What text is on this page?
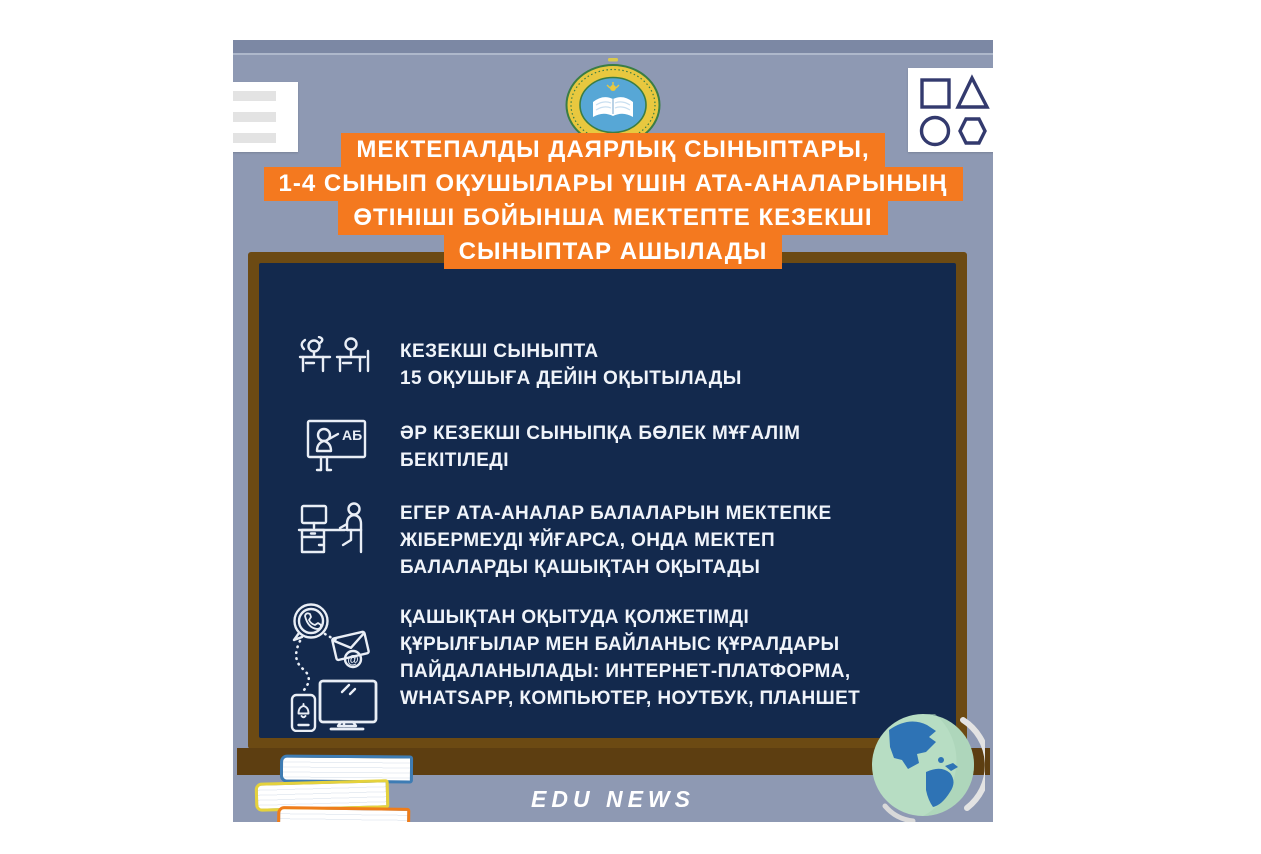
МЕКТЕПАЛДЫ ДАЯРЛЫҚ СЫНЫПТАРЫ,
1-4 СЫНЫП ОҚУШЫЛАРЫ ҮШІН АТА-АНАЛАРЫНЫҢ
ӨТІНІШІ БОЙЫНША МЕКТЕПТЕ КЕЗЕКШІ
СЫНЫПТАР АШЫЛАДЫ
КЕЗЕКШІ СЫНЫПТА
15 ОҚУШЫҒА ДЕЙІН ОҚЫТЫЛАДЫ
АБ ӘР КЕЗЕКШІ СЫНЫПҚА БӨЛЕК МҰҒАЛІМ
БЕКІТІЛЕДІ
ЕГЕР АТА-АНАЛАР БАЛАЛАРЫН МЕКТЕПКЕ
ЖІБЕРМЕУДІ ҰЙҒАРСА, ОНДА МЕКТЕП
БАЛАЛАРДЫ ҚАШЫҚТАН ОҚЫТАДЫ
@
ҚАШЫҚТАН ОҚЫТУДА ҚОЛЖЕТІМДІ
ҚҰРЫЛҒЫЛАР МЕН БАЙЛАНЫС ҚҰРАЛДАРЫ
ПАЙДАЛАНЫЛАДЫ: ИНТЕРНЕТ-ПЛАТФОРМА,
WHATSAPP, КОМПЬЮТЕР, НОУТБУК, ПЛАНШЕТ
EDU NEWS
